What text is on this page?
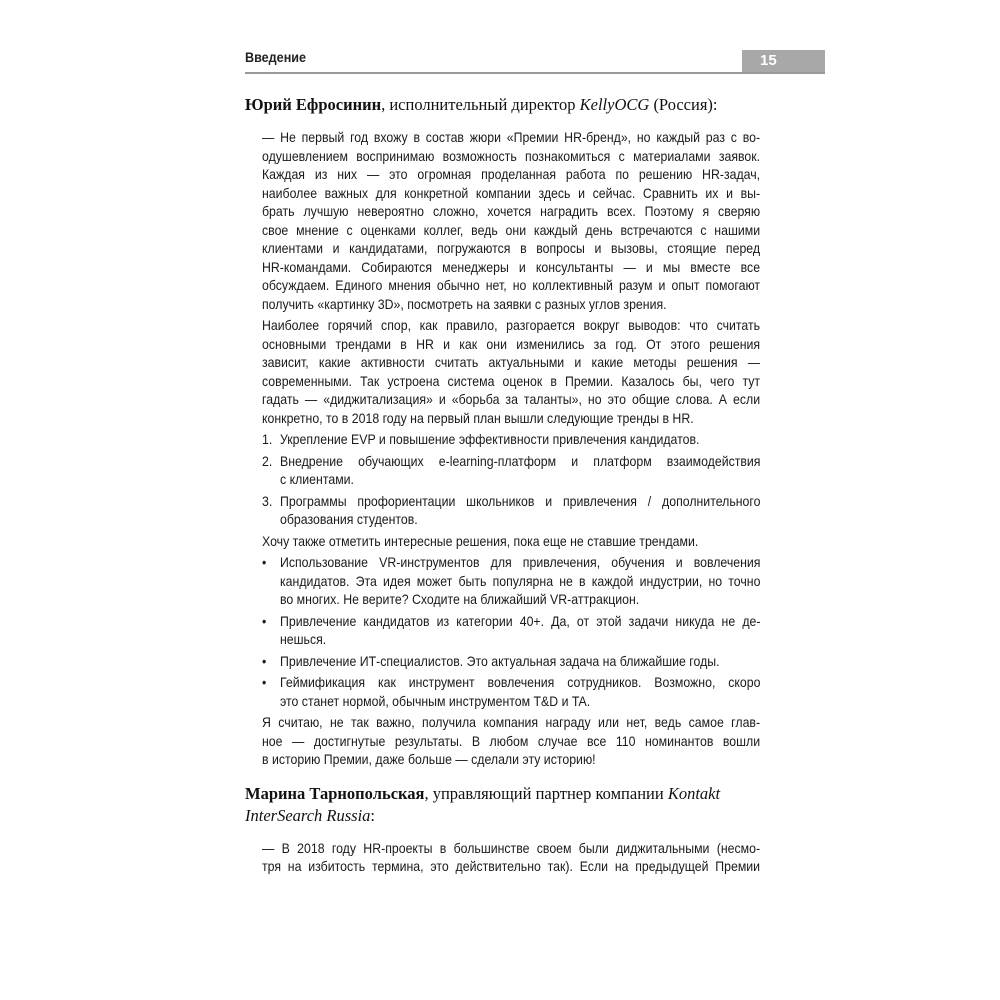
Введение	15
Юрий Ефросинин, исполнительный директор KellyOCG (Россия):
— Не первый год вхожу в состав жюри «Премии HR-бренд», но каждый раз с во-
одушевлением воспринимаю возможность познакомиться с материалами заявок.
Каждая из них — это огромная проделанная работа по решению HR-задач,
наиболее важных для конкретной компании здесь и сейчас. Сравнить их и вы-
брать лучшую невероятно сложно, хочется наградить всех. Поэтому я сверяю
свое мнение с оценками коллег, ведь они каждый день встречаются с нашими
клиентами и кандидатами, погружаются в вопросы и вызовы, стоящие перед
HR-командами. Собираются менеджеры и консультанты — и мы вместе все
обсуждаем. Единого мнения обычно нет, но коллективный разум и опыт помогают
получить «картинку 3D», посмотреть на заявки с разных углов зрения.
Наиболее горячий спор, как правило, разгорается вокруг выводов: что считать
основными трендами в HR и как они изменились за год. От этого решения
зависит, какие активности считать актуальными и какие методы решения —
современными. Так устроена система оценок в Премии. Казалось бы, чего тут
гадать — «диджитализация» и «борьба за таланты», но это общие слова. А если
конкретно, то в 2018 году на первый план вышли следующие тренды в HR.
1. Укрепление EVP и повышение эффективности привлечения кандидатов.
2. Внедрение обучающих e-learning-платформ и платформ взаимодействия
с клиентами.
3. Программы профориентации школьников и привлечения / дополнительного
образования студентов.
Хочу также отметить интересные решения, пока еще не ставшие трендами.
• Использование VR-инструментов для привлечения, обучения и вовлечения
кандидатов. Эта идея может быть популярна не в каждой индустрии, но точно
во многих. Не верите? Сходите на ближайший VR-аттракцион.
• Привлечение кандидатов из категории 40+. Да, от этой задачи никуда не де-
нешься.
• Привлечение ИТ-специалистов. Это актуальная задача на ближайшие годы.
• Геймификация как инструмент вовлечения сотрудников. Возможно, скоро
это станет нормой, обычным инструментом T&D и TA.
Я считаю, не так важно, получила компания награду или нет, ведь самое глав-
ное — достигнутые результаты. В любом случае все 110 номинантов вошли
в историю Премии, даже больше — сделали эту историю!
Марина Тарнопольская, управляющий партнер компании Kontakt InterSearch Russia:
— В 2018 году HR-проекты в большинстве своем были диджитальными (несмо-
тря на избитость термина, это действительно так). Если на предыдущей Премии
